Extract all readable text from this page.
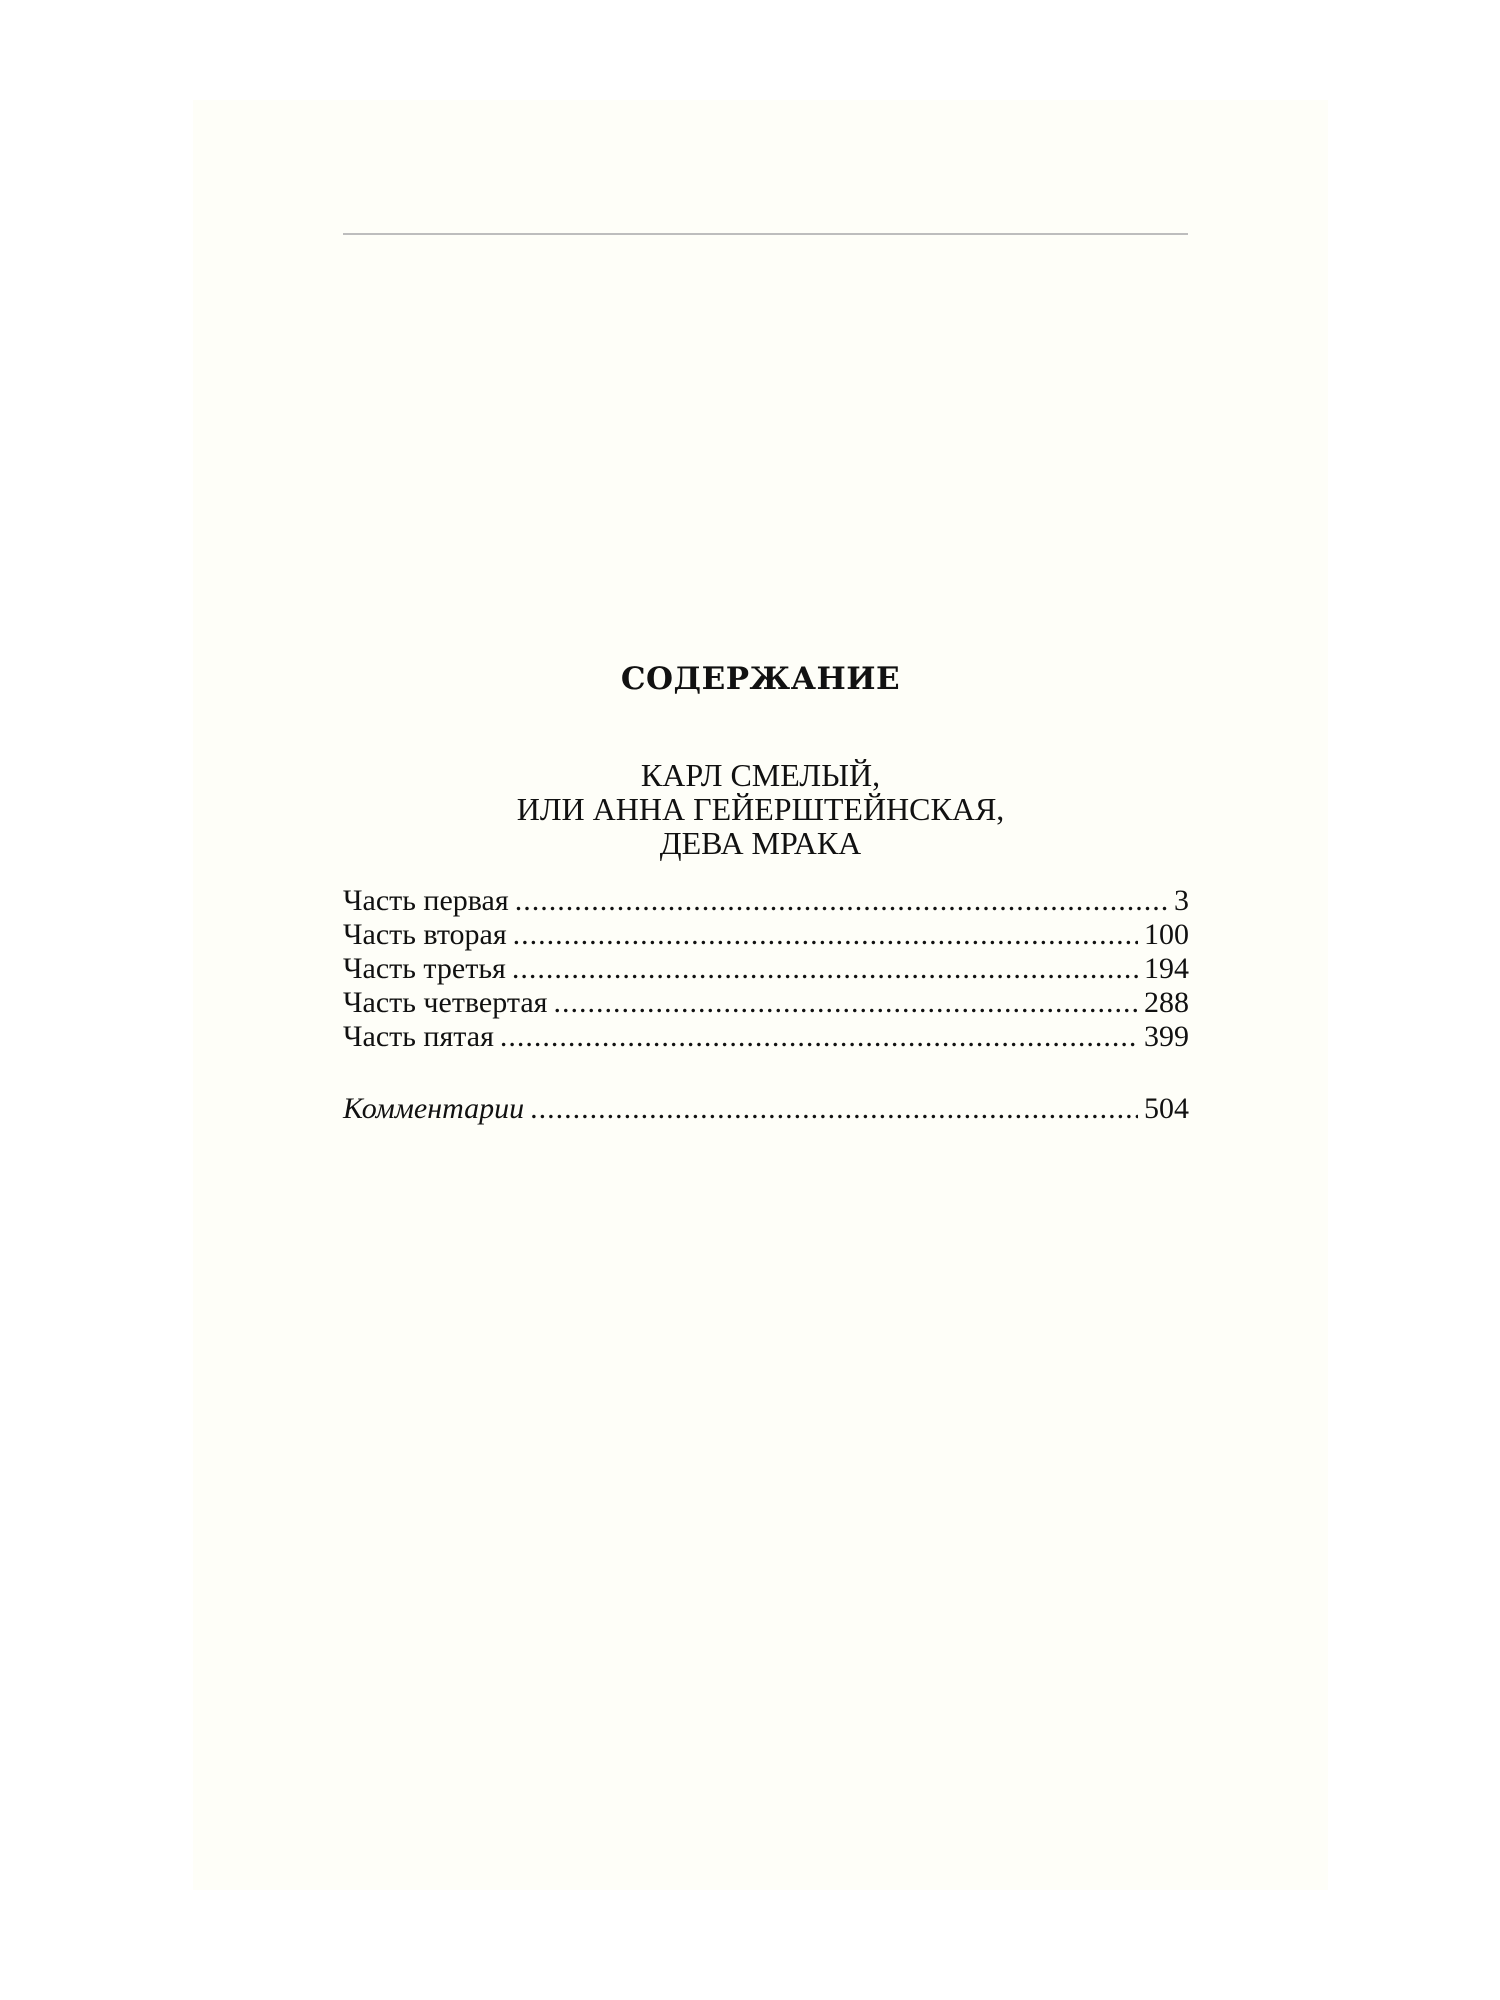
СОДЕРЖАНИЕ
КАРЛ СМЕЛЫЙ,
ИЛИ АННА ГЕЙЕРШТЕЙНСКАЯ,
ДЕВА МРАКА
Часть первая .....	3
Часть вторая .....	100
Часть третья .....	194
Часть четвертая .....	288
Часть пятая .....	399
Комментарии .....	504
